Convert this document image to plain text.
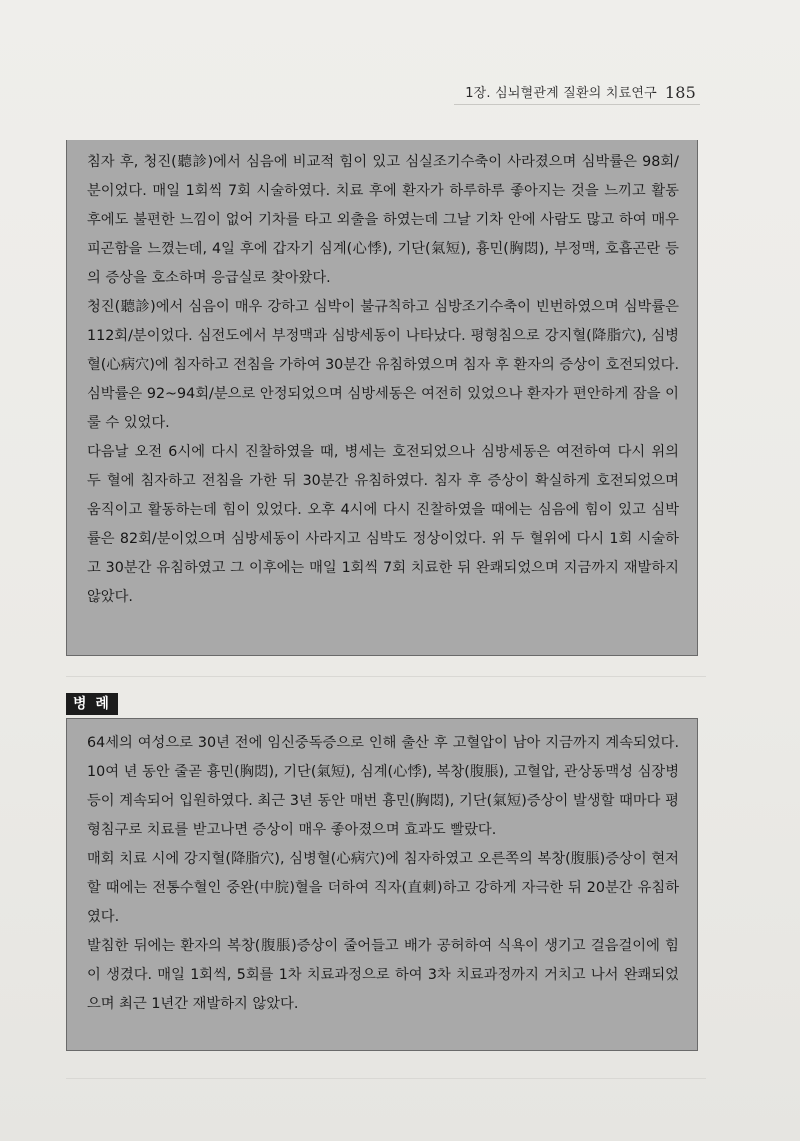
1장. 심뇌혈관계 질환의 치료연구 185

침자 후, 청진(聽診)에서 심음에 비교적 힘이 있고 심실조기수축이 사라졌으며 심박률은 98회/분이었다. 매일 1회씩 7회 시술하였다. 치료 후에 환자가 하루하루 좋아지는 것을 느끼고 활동 후에도 불편한 느낌이 없어 기차를 타고 외출을 하였는데 그날 기차 안에 사람도 많고 하여 매우 피곤함을 느꼈는데, 4일 후에 갑자기 심계(心悸), 기단(氣短), 흉민(胸悶), 부정맥, 호흡곤란 등의 증상을 호소하며 응급실로 찾아왔다.

청진(聽診)에서 심음이 매우 강하고 심박이 불규칙하고 심방조기수축이 빈번하였으며 심박률은 112회/분이었다. 심전도에서 부정맥과 심방세동이 나타났다. 평형침으로 강지혈(降脂穴), 심병혈(心病穴)에 침자하고 전침을 가하여 30분간 유침하였으며 침자 후 환자의 증상이 호전되었다. 심박률은 92~94회/분으로 안정되었으며 심방세동은 여전히 있었으나 환자가 편안하게 잠을 이룰 수 있었다.

다음날 오전 6시에 다시 진찰하였을 때, 병세는 호전되었으나 심방세동은 여전하여 다시 위의 두 혈에 침자하고 전침을 가한 뒤 30분간 유침하였다. 침자 후 증상이 확실하게 호전되었으며 움직이고 활동하는데 힘이 있었다. 오후 4시에 다시 진찰하였을 때에는 심음에 힘이 있고 심박률은 82회/분이었으며 심방세동이 사라지고 심박도 정상이었다. 위 두 혈위에 다시 1회 시술하고 30분간 유침하였고 그 이후에는 매일 1회씩 7회 치료한 뒤 완쾌되었으며 지금까지 재발하지 않았다.

병 례

64세의 여성으로 30년 전에 임신중독증으로 인해 출산 후 고혈압이 남아 지금까지 계속되었다. 10여 년 동안 줄곧 흉민(胸悶), 기단(氣短), 심계(心悸), 복창(腹脹), 고혈압, 관상동맥성 심장병 등이 계속되어 입원하였다. 최근 3년 동안 매번 흉민(胸悶), 기단(氣短)증상이 발생할 때마다 평형침구로 치료를 받고나면 증상이 매우 좋아졌으며 효과도 빨랐다.

매회 치료 시에 강지혈(降脂穴), 심병혈(心病穴)에 침자하였고 오른쪽의 복창(腹脹)증상이 현저할 때에는 전통수혈인 중완(中脘)혈을 더하여 직자(直刺)하고 강하게 자극한 뒤 20분간 유침하였다.

발침한 뒤에는 환자의 복창(腹脹)증상이 줄어들고 배가 공허하여 식욕이 생기고 걸음걸이에 힘이 생겼다. 매일 1회씩, 5회를 1차 치료과정으로 하여 3차 치료과정까지 거치고 나서 완쾌되었으며 최근 1년간 재발하지 않았다.
